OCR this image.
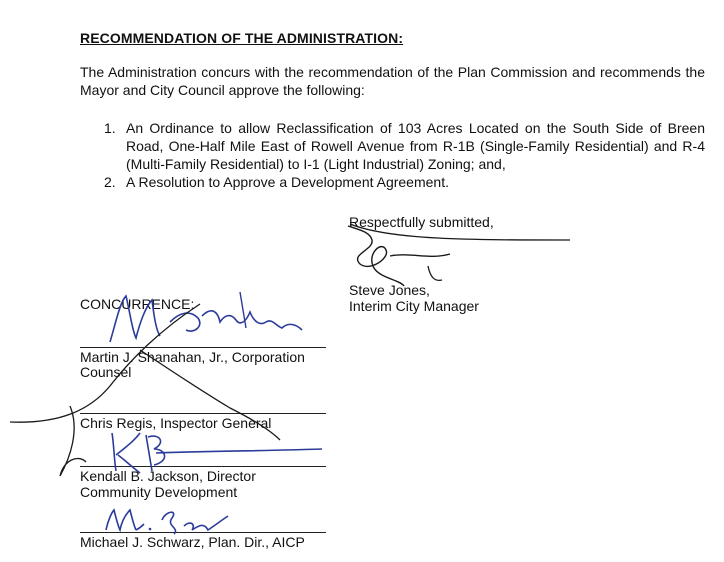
RECOMMENDATION OF THE ADMINISTRATION:
The Administration concurs with the recommendation of the Plan Commission and recommends the Mayor and City Council approve the following:
1. An Ordinance to allow Reclassification of 103 Acres Located on the South Side of Breen Road, One-Half Mile East of Rowell Avenue from R-1B (Single-Family Residential) and R-4 (Multi-Family Residential) to I-1 (Light Industrial) Zoning; and,
2. A Resolution to Approve a Development Agreement.
Respectfully submitted,
Steve Jones,
Interim City Manager
CONCURRENCE:
Martin J. Shanahan, Jr., Corporation
Counsel
Chris Regis, Inspector General
Kendall B. Jackson, Director
Community Development
Michael J. Schwarz, Plan. Dir., AICP
